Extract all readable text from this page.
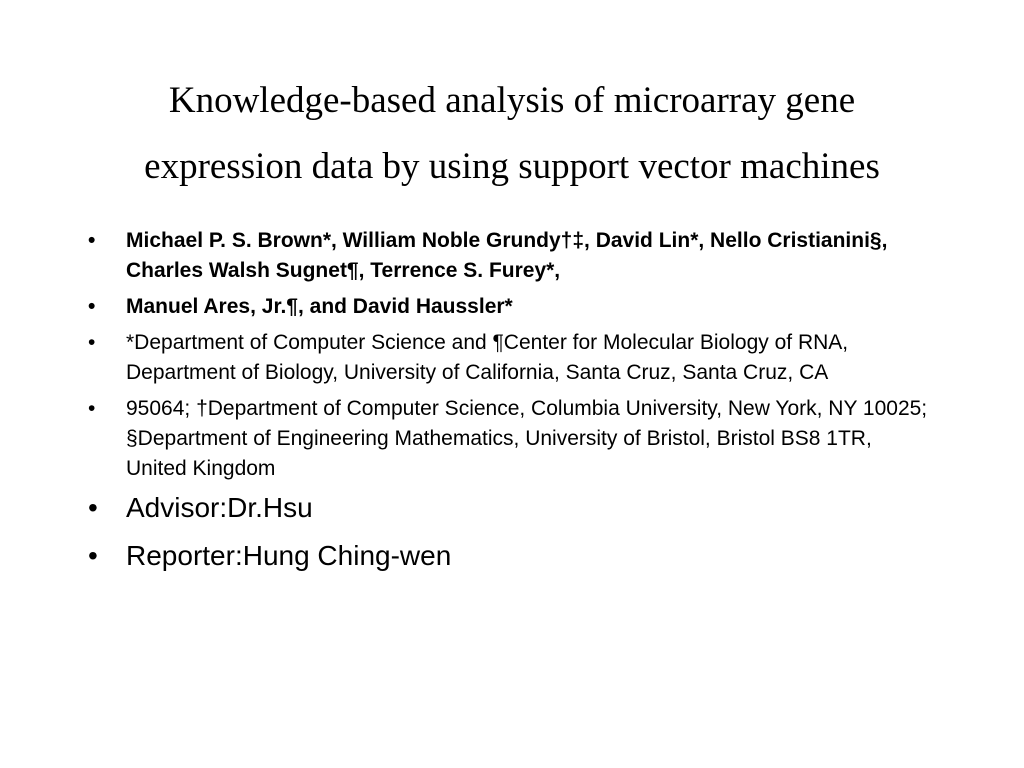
Knowledge-based analysis of microarray gene
expression data by using support vector machines
• Michael P. S. Brown*, William Noble Grundy†‡, David Lin*, Nello Cristianini§, Charles Walsh Sugnet¶, Terrence S. Furey*,
• Manuel Ares, Jr.¶, and David Haussler*
• *Department of Computer Science and ¶Center for Molecular Biology of RNA, Department of Biology, University of California, Santa Cruz, Santa Cruz, CA
• 95064; †Department of Computer Science, Columbia University, New York, NY 10025; §Department of Engineering Mathematics, University of Bristol, Bristol BS8 1TR, United Kingdom
• Advisor:Dr.Hsu
• Reporter:Hung Ching-wen
